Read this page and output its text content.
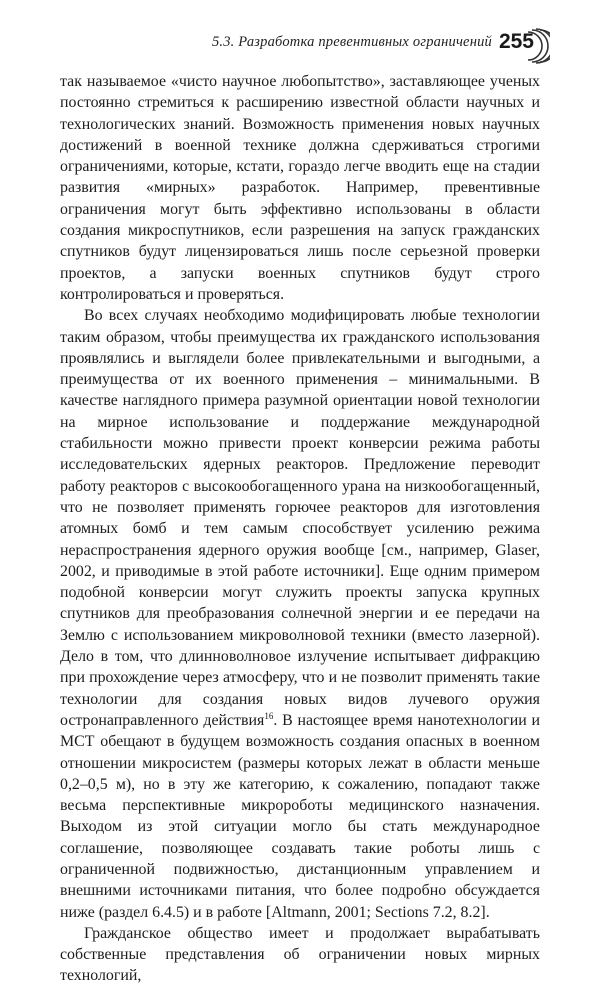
5.3. Разработка превентивных ограничений 255

так называемое «чисто научное любопытство», заставляющее ученых постоянно стремиться к расширению известной области научных и технологических знаний. Возможность применения новых научных достижений в военной технике должна сдерживаться строгими ограничениями, которые, кстати, гораздо легче вводить еще на стадии развития «мирных» разработок. Например, превентивные ограничения могут быть эффективно использованы в области создания микроспутников, если разрешения на запуск гражданских спутников будут лицензироваться лишь после серьезной проверки проектов, а запуски военных спутников будут строго контролироваться и проверяться.

Во всех случаях необходимо модифицировать любые технологии таким образом, чтобы преимущества их гражданского использования проявлялись и выглядели более привлекательными и выгодными, а преимущества от их военного применения – минимальными. В качестве наглядного примера разумной ориентации новой технологии на мирное использование и поддержание международной стабильности можно привести проект конверсии режима работы исследовательских ядерных реакторов. Предложение переводит работу реакторов с высокообогащенного урана на низкообогащенный, что не позволяет применять горючее реакторов для изготовления атомных бомб и тем самым способствует усилению режима нераспространения ядерного оружия вообще [см., например, Glaser, 2002, и приводимые в этой работе источники]. Еще одним примером подобной конверсии могут служить проекты запуска крупных спутников для преобразования солнечной энергии и ее передачи на Землю с использованием микроволновой техники (вместо лазерной). Дело в том, что длинноволновое излучение испытывает дифракцию при прохождение через атмосферу, что и не позволит применять такие технологии для создания новых видов лучевого оружия остронаправленного действия$^{16}$. В настоящее время нанотехнологии и МСТ обещают в будущем возможность создания опасных в военном отношении микросистем (размеры которых лежат в области меньше 0,2–0,5 м), но в эту же категорию, к сожалению, попадают также весьма перспективные микророботы медицинского назначения. Выходом из этой ситуации могло бы стать международное соглашение, позволяющее создавать такие роботы лишь с ограниченной подвижностью, дистанционным управлением и внешними источниками питания, что более подробно обсуждается ниже (раздел 6.4.5) и в работе [Altmann, 2001; Sections 7.2, 8.2].

Гражданское общество имеет и продолжает вырабатывать собственные представления об ограничении новых мирных технологий,
